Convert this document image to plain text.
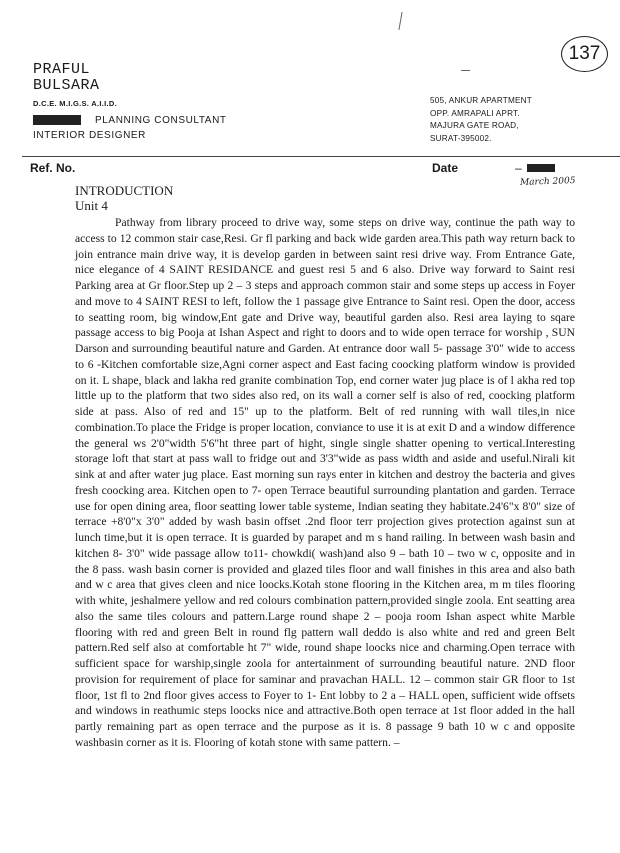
PRAFUL
BULSARA
D.C.E. M.I.G.S. A.I.I.D.
PLANNING CONSULTANT
INTERIOR DESIGNER
505, ANKUR APARTMENT
OPP. AMRAPALI APRT.
MAJURA GATE ROAD,
SURAT-395002.
137
Ref. No.	Date	–
March 2005
INTRODUCTION
Unit 4

Pathway from library proceed to drive way, some steps on drive way, continue the path way to access to 12 common stair case,Resi. Gr fl parking and back wide garden area.This path way return back to join entrance main drive way, it is develop garden in between saint resi drive way. From Entrance Gate, nice elegance of 4 SAINT RESIDANCE and guest resi 5 and 6 also. Drive way forward to Saint resi Parking area at Gr floor.Step up 2 – 3 steps and approach common stair and some steps up access in Foyer and move to 4 SAINT RESI to left, follow the 1 passage give Entrance to Saint resi. Open the door, access to seatting room, big window,Ent gate and Drive way, beautiful garden also. Resi area laying to sqare passage access to big Pooja at Ishan Aspect and right to doors and to wide open terrace for worship , SUN Darson and surrounding beautiful nature and Garden. At entrance door wall 5- passage 3'0" wide to access to 6 -Kitchen comfortable size,Agni corner aspect and East facing coocking platform window is provided on it. L shape, black and lakha red granite combination Top, end corner water jug place is of l akha red top little up to the platform that two sides also red, on its wall a corner self is also of red, coocking platform side at pass. Also of red and 15" up to the platform. Belt of red running with wall tiles,in nice combination.To place the Fridge is proper location, conviance to use it is at exit D and a window difference the general ws 2'0"width 5'6"ht three part of hight, single single shatter opening to vertical.Interesting storage loft that start at pass wall to fridge out and 3'3"wide as pass width and aside and useful.Nirali kit sink at and after water jug place. East morning sun rays enter in kitchen and destroy the bacteria and gives fresh coocking area. Kitchen open to 7- open Terrace beautiful surrounding plantation and garden. Terrace use for open dining area, floor seatting lower table systeme, Indian seating they habitate.24'6"x 8'0" size of terrace +8'0"x 3'0" added by wash basin offset .2nd floor terr projection gives protection against sun at lunch time,but it is open terrace. It is guarded by parapet and m s hand railing. In between wash basin and kitchen 8- 3'0" wide passage allow to11- chowkdi( wash)and also 9 – bath 10 – two w c, opposite and in the 8 pass. wash basin corner is provided and glazed tiles floor and wall finishes in this area and also bath and w c area that gives cleen and nice loocks.Kotah stone flooring in the Kitchen area, m m tiles flooring with white, jeshalmere yellow and red colours combination pattern,provided single zoola. Ent seatting area also the same tiles colours and pattern.Large round shape 2 – pooja room Ishan aspect white Marble flooring with red and green Belt in round flg pattern wall deddo is also white and red and green Belt pattern.Red self also at comfortable ht 7" wide, round shape loocks nice and charming.Open terrace with sufficient space for warship,single zoola for antertainment of surrounding beautiful nature. 2ND floor provision for requirement of place for saminar and pravachan HALL. 12 – common stair GR floor to 1st floor, 1st fl to 2nd floor gives access to Foyer to 1- Ent lobby to 2 a – HALL open, sufficient wide offsets and windows in reathumic steps loocks nice and attractive.Both open terrace at 1st floor added in the hall partly remaining part as open terrace and the purpose as it is. 8 passage 9 bath 10 w c and opposite washbasin corner as it is. Flooring of kotah stone with same pattern. –
